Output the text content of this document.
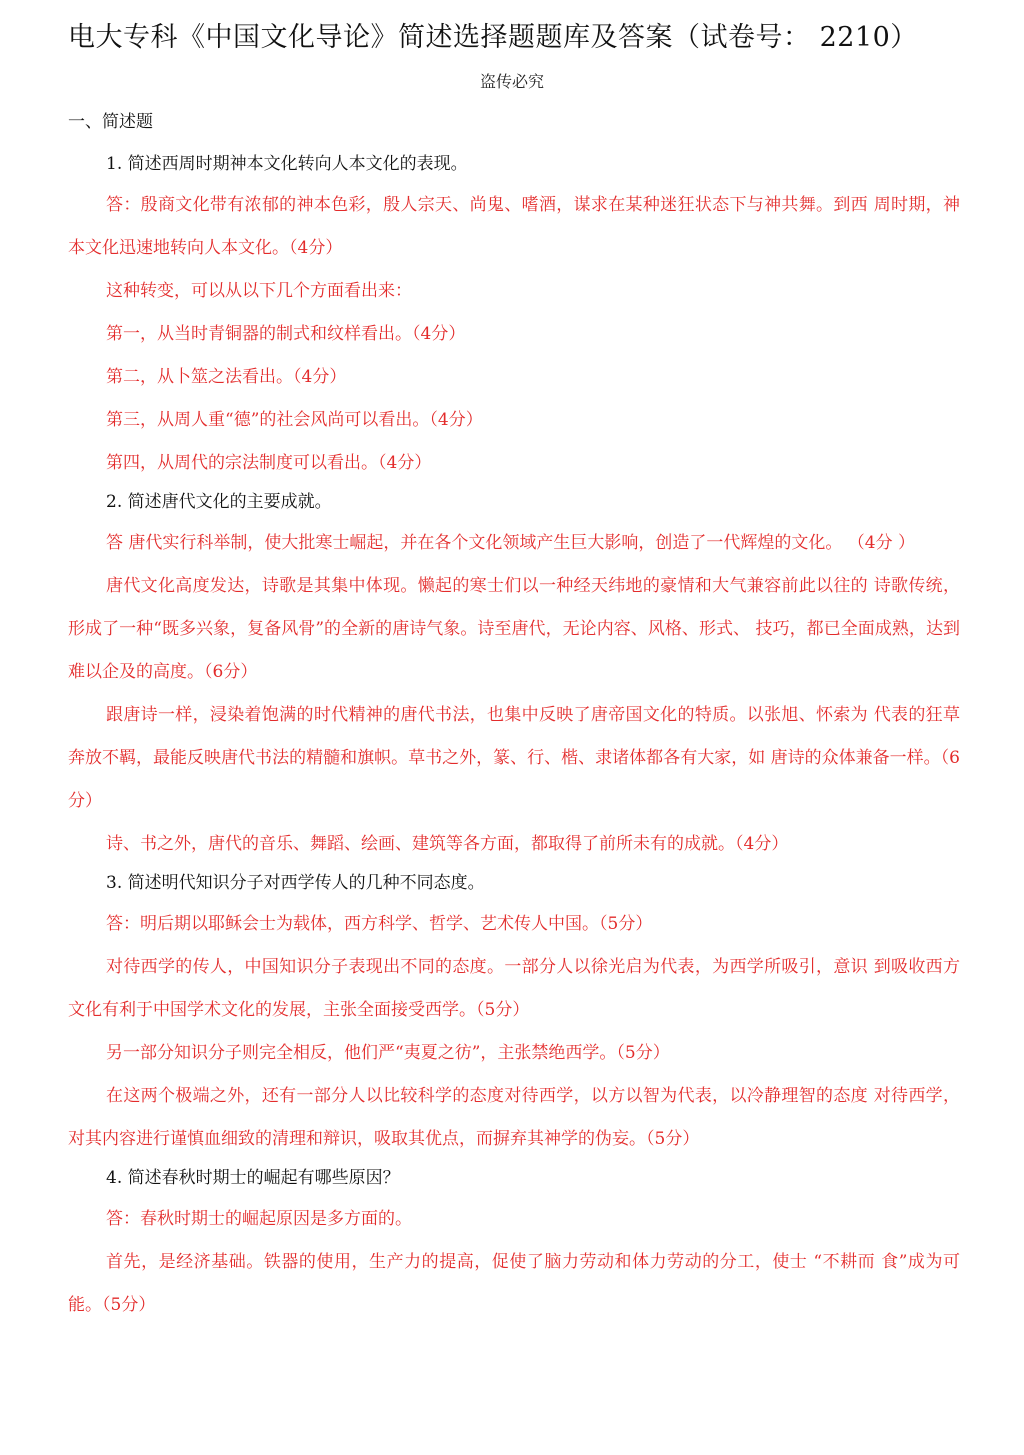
电大专科《中国文化导论》简述选择题题库及答案（试卷号： 2210）
盗传必究
一、简述题
1. 简述西周时期神本文化转向人本文化的表现。

答：殷商文化带有浓郁的神本色彩，殷人宗天、尚鬼、嗜酒，谋求在某种迷狂状态下与神共舞。到西 周时期，神本文化迅速地转向人本文化。（4分）

这种转变，可以从以下几个方面看出来：

第一，从当时青铜器的制式和纹样看出。（4分）

第二，从卜筮之法看出。（4分）

第三，从周人重“德”的社会风尚可以看出。（4分）

第四，从周代的宗法制度可以看出。（4分）

2. 简述唐代文化的主要成就。

答 唐代实行科举制，使大批寒士崛起，并在各个文化领域产生巨大影响，创造了一代辉煌的文化。 （4分 ）

唐代文化高度发达，诗歌是其集中体现。懒起的寒士们以一种经天纬地的豪情和大气兼容前此以往的 诗歌传统，形成了一种“既多兴象，复备风骨”的全新的唐诗气象。诗至唐代，无论内容、风格、形式、 技巧，都已全面成熟，达到难以企及的高度。（6分）

跟唐诗一样，浸染着饱满的时代精神的唐代书法，也集中反映了唐帝国文化的特质。以张旭、怀索为 代表的狂草奔放不羁，最能反映唐代书法的精髓和旗帜。草书之外，篆、行、楷、隶诸体都各有大家，如 唐诗的众体兼备一样。（6分）

诗、书之外，唐代的音乐、舞蹈、绘画、建筑等各方面，都取得了前所未有的成就。（4分）

3. 简述明代知识分子对西学传人的几种不同态度。

答：明后期以耶稣会士为载体，西方科学、哲学、艺术传人中国。（5分）

对待西学的传人，中国知识分子表现出不同的态度。一部分人以徐光启为代表，为西学所吸引，意识 到吸收西方文化有利于中国学术文化的发展，主张全面接受西学。（5分）

另一部分知识分子则完全相反，他们严“夷夏之彷”，主张禁绝西学。（5分）

在这两个极端之外，还有一部分人以比较科学的态度对待西学，以方以智为代表，以冷静理智的态度 对待西学，对其内容进行谨慎血细致的清理和辩识，吸取其优点，而摒弃其神学的伪妄。（5分）

4. 简述春秋时期士的崛起有哪些原因？

答：春秋时期士的崛起原因是多方面的。

首先，是经济基础。铁器的使用，生产力的提高，促使了脑力劳动和体力劳动的分工，使士 “不耕而 食”成为可能。（5分）
